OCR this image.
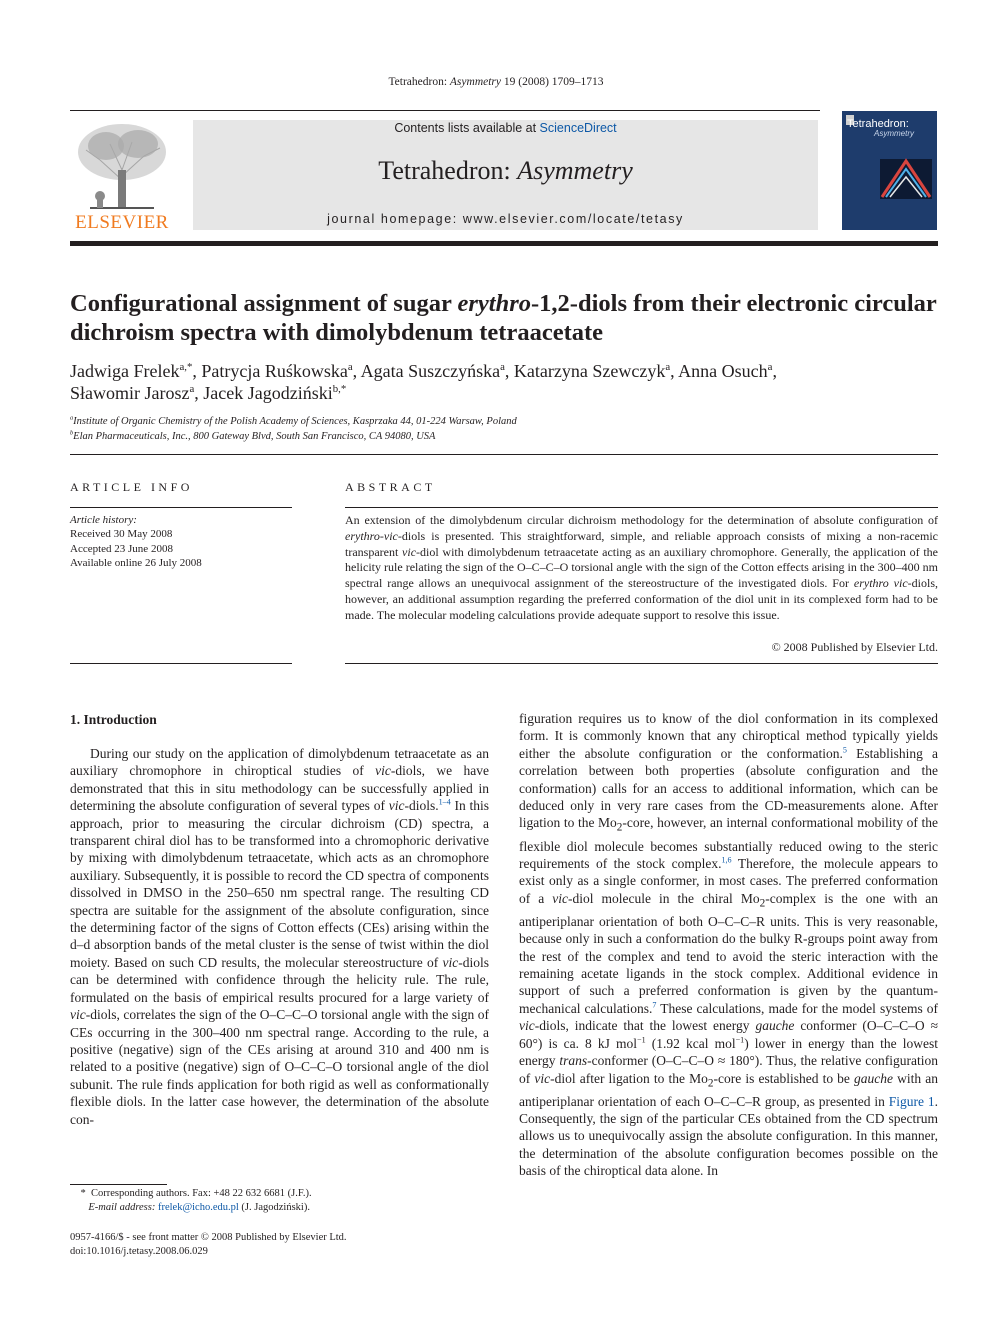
Tetrahedron: Asymmetry 19 (2008) 1709–1713
ELSEVIER
Contents lists available at ScienceDirect
Tetrahedron: Asymmetry
journal homepage: www.elsevier.com/locate/tetasy
Tetrahedron:
Asymmetry
Configurational assignment of sugar erythro-1,2-diols from their electronic circular dichroism spectra with dimolybdenum tetraacetate
Jadwiga Frelek$^{a,*}$, Patrycja Ruśkowska$^a$, Agata Suszczyńska$^a$, Katarzyna Szewczyk$^a$, Anna Osuch$^a$,
Sławomir Jarosz$^a$, Jacek Jagodziński$^{b,*}$
$^a$Institute of Organic Chemistry of the Polish Academy of Sciences, Kasprzaka 44, 01-224 Warsaw, Poland
$^b$Elan Pharmaceuticals, Inc., 800 Gateway Blvd, South San Francisco, CA 94080, USA
ARTICLE INFO
Article history:
Received 30 May 2008
Accepted 23 June 2008
Available online 26 July 2008
ABSTRACT
An extension of the dimolybdenum circular dichroism methodology for the determination of absolute configuration of erythro-vic-diols is presented. This straightforward, simple, and reliable approach consists of mixing a non-racemic transparent vic-diol with dimolybdenum tetraacetate acting as an auxiliary chromophore. Generally, the application of the helicity rule relating the sign of the O–C–C–O torsional angle with the sign of the Cotton effects arising in the 300–400 nm spectral range allows an unequivocal assignment of the stereostructure of the investigated diols. For erythro vic-diols, however, an additional assumption regarding the preferred conformation of the diol unit in its complexed form had to be made. The molecular modeling calculations provide adequate support to resolve this issue.
© 2008 Published by Elsevier Ltd.
1. Introduction

During our study on the application of dimolybdenum tetraacetate as an auxiliary chromophore in chiroptical studies of vic-diols, we have demonstrated that this in situ methodology can be successfully applied in determining the absolute configuration of several types of vic-diols.$^{1-4}$ In this approach, prior to measuring the circular dichroism (CD) spectra, a transparent chiral diol has to be transformed into a chromophoric derivative by mixing with dimolybdenum tetraacetate, which acts as an chromophore auxiliary. Subsequently, it is possible to record the CD spectra of components dissolved in DMSO in the 250–650 nm spectral range. The resulting CD spectra are suitable for the assignment of the absolute configuration, since the determining factor of the signs of Cotton effects (CEs) arising within the d–d absorption bands of the metal cluster is the sense of twist within the diol moiety. Based on such CD results, the molecular stereostructure of vic-diols can be determined with confidence through the helicity rule. The rule, formulated on the basis of empirical results procured for a large variety of vic-diols, correlates the sign of the O–C–C–O torsional angle with the sign of CEs occurring in the 300–400 nm spectral range. According to the rule, a positive (negative) sign of the CEs arising at around 310 and 400 nm is related to a positive (negative) sign of O–C–C–O torsional angle of the diol subunit. The rule finds application for both rigid as well as conformationally flexible diols. In the latter case however, the determination of the absolute con-

figuration requires us to know of the diol conformation in its complexed form. It is commonly known that any chiroptical method typically yields either the absolute configuration or the conformation.$^5$ Establishing a correlation between both properties (absolute configuration and the conformation) calls for an access to additional information, which can be deduced only in very rare cases from the CD-measurements alone. After ligation to the $Mo_2$-core, however, an internal conformational mobility of the flexible diol molecule becomes substantially reduced owing to the steric requirements of the stock complex.$^{1,6}$ Therefore, the molecule appears to exist only as a single conformer, in most cases. The preferred conformation of a vic-diol molecule in the chiral $Mo_2$-complex is the one with an antiperiplanar orientation of both O–C–C–R units. This is very reasonable, because only in such a conformation do the bulky R-groups point away from the rest of the complex and tend to avoid the steric interaction with the remaining acetate ligands in the stock complex. Additional evidence in support of such a preferred conformation is given by the quantum-mechanical calculations.$^7$ These calculations, made for the model systems of vic-diols, indicate that the lowest energy gauche conformer (O–C–C–O ≈ 60°) is ca. 8 kJ mol$^{-1}$ (1.92 kcal mol$^{-1}$) lower in energy than the lowest energy trans-conformer (O–C–C–O ≈ 180°). Thus, the relative configuration of vic-diol after ligation to the $Mo_2$-core is established to be gauche with an antiperiplanar orientation of each O–C–C–R group, as presented in Figure 1. Consequently, the sign of the particular CEs obtained from the CD spectrum allows us to unequivocally assign the absolute configuration. In this manner, the determination of the absolute configuration becomes possible on the basis of the chiroptical data alone. In

*  Corresponding authors. Fax: +48 22 632 6681 (J.F.).
E-mail address: frelek@icho.edu.pl (J. Jagodziński).
0957-4166/$ - see front matter © 2008 Published by Elsevier Ltd.
doi:10.1016/j.tetasy.2008.06.029
